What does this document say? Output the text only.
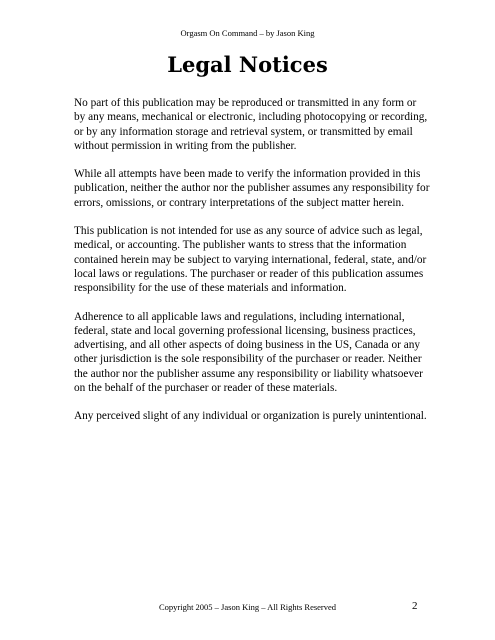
Orgasm On Command – by Jason King
Legal Notices

No part of this publication may be reproduced or transmitted in any form or by any means, mechanical or electronic, including photocopying or recording, or by any information storage and retrieval system, or transmitted by email without permission in writing from the publisher.

While all attempts have been made to verify the information provided in this publication, neither the author nor the publisher assumes any responsibility for errors, omissions, or contrary interpretations of the subject matter herein.

This publication is not intended for use as any source of advice such as legal, medical, or accounting. The publisher wants to stress that the information contained herein may be subject to varying international, federal, state, and/or local laws or regulations. The purchaser or reader of this publication assumes responsibility for the use of these materials and information.

Adherence to all applicable laws and regulations, including international, federal, state and local governing professional licensing, business practices, advertising, and all other aspects of doing business in the US, Canada or any other jurisdiction is the sole responsibility of the purchaser or reader. Neither the author nor the publisher assume any responsibility or liability whatsoever on the behalf of the purchaser or reader of these materials.

Any perceived slight of any individual or organization is purely unintentional.

Copyright 2005 – Jason King – All Rights Reserved	2
